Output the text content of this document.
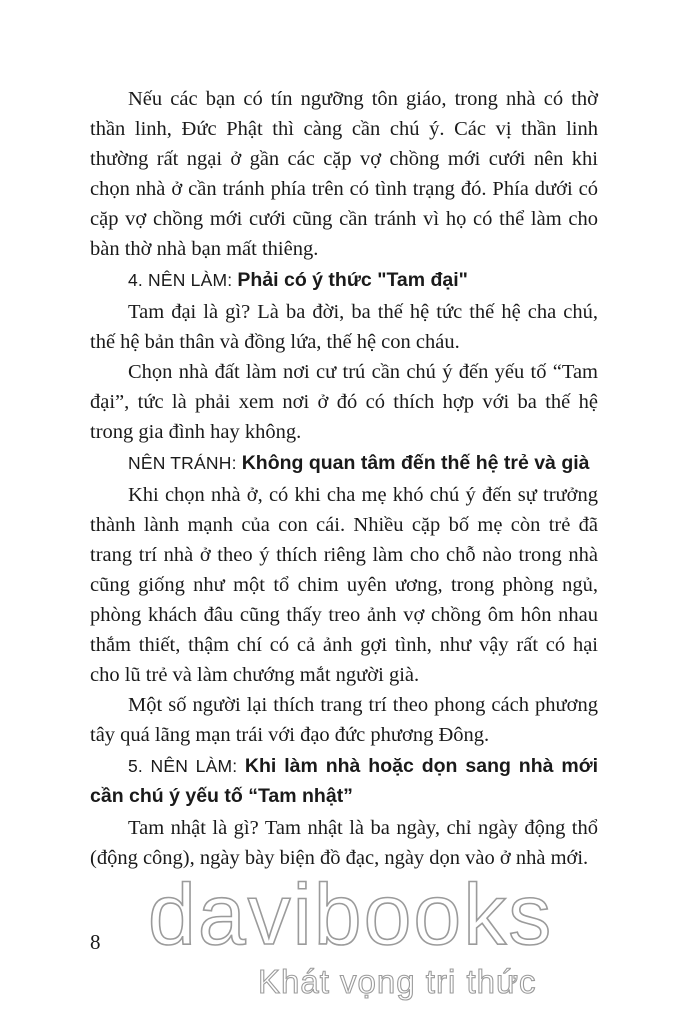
Nếu các bạn có tín ngưỡng tôn giáo, trong nhà có thờ thần linh, Đức Phật thì càng cần chú ý. Các vị thần linh thường rất ngại ở gần các cặp vợ chồng mới cưới nên khi chọn nhà ở cần tránh phía trên có tình trạng đó. Phía dưới có cặp vợ chồng mới cưới cũng cần tránh vì họ có thể làm cho bàn thờ nhà bạn mất thiêng.

4. NÊN LÀM: Phải có ý thức "Tam đại"

Tam đại là gì? Là ba đời, ba thế hệ tức thế hệ cha chú, thế hệ bản thân và đồng lứa, thế hệ con cháu.

Chọn nhà đất làm nơi cư trú cần chú ý đến yếu tố “Tam đại”, tức là phải xem nơi ở đó có thích hợp với ba thế hệ trong gia đình hay không.

NÊN TRÁNH: Không quan tâm đến thế hệ trẻ và già

Khi chọn nhà ở, có khi cha mẹ khó chú ý đến sự trưởng thành lành mạnh của con cái. Nhiều cặp bố mẹ còn trẻ đã trang trí nhà ở theo ý thích riêng làm cho chỗ nào trong nhà cũng giống như một tổ chim uyên ương, trong phòng ngủ, phòng khách đâu cũng thấy treo ảnh vợ chồng ôm hôn nhau thắm thiết, thậm chí có cả ảnh gợi tình, như vậy rất có hại cho lũ trẻ và làm chướng mắt người già.

Một số người lại thích trang trí theo phong cách phương tây quá lãng mạn trái với đạo đức phương Đông.

5. NÊN LÀM: Khi làm nhà hoặc dọn sang nhà mới cần chú ý yếu tố “Tam nhật”

Tam nhật là gì? Tam nhật là ba ngày, chỉ ngày động thổ (động công), ngày bày biện đồ đạc, ngày dọn vào ở nhà mới.

8 davibooks
Khát vọng tri thức
